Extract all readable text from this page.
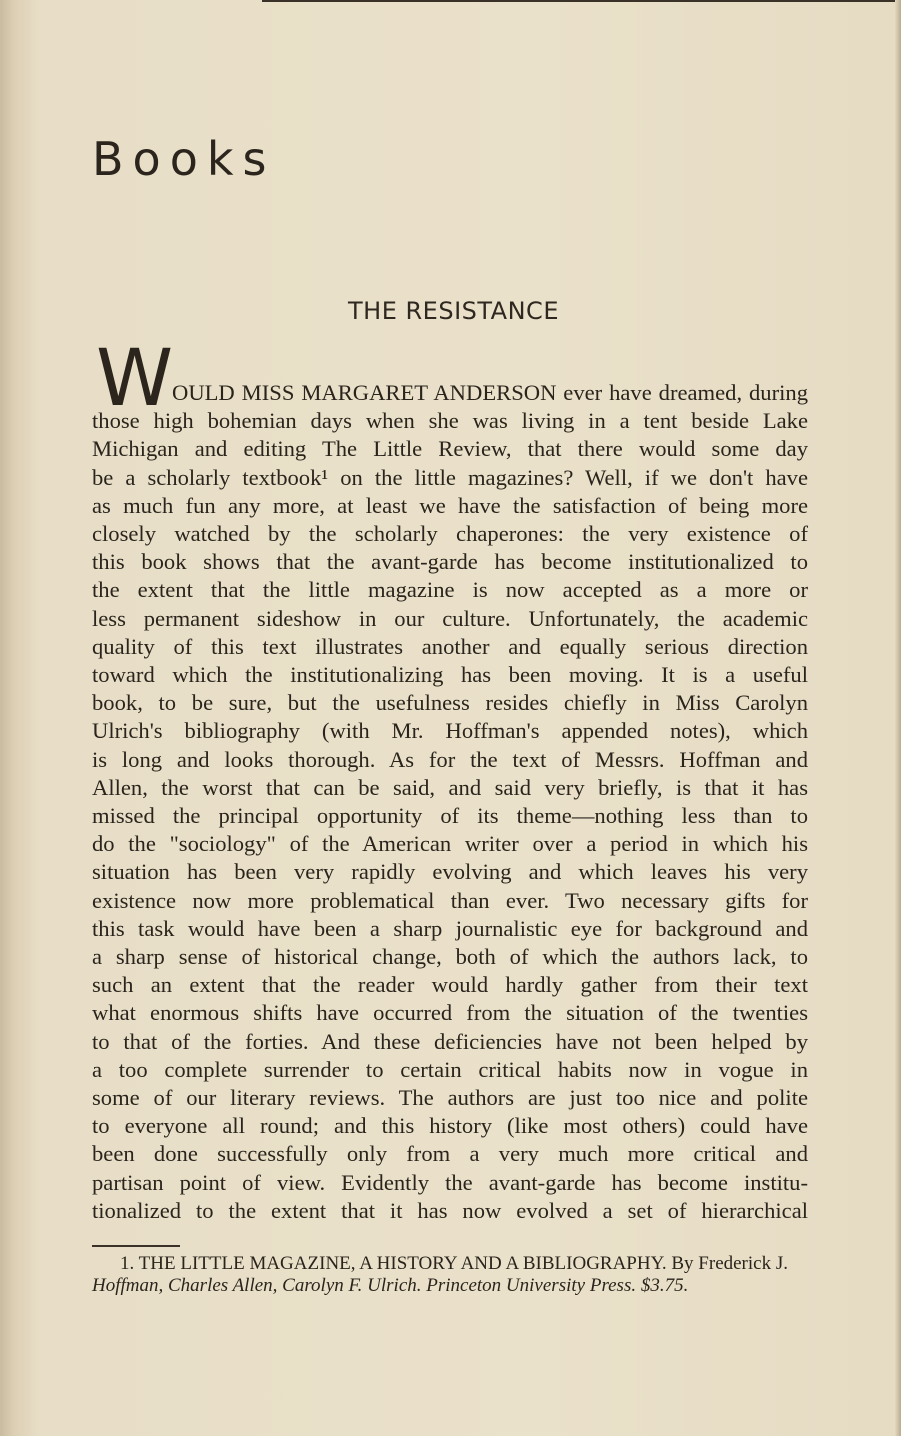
Books
THE RESISTANCE
W
OULD MISS MARGARET ANDERSON ever have dreamed, during
those high bohemian days when she was living in a tent beside Lake
Michigan and editing The Little Review, that there would some day
be a scholarly textbook¹ on the little magazines? Well, if we don't have
as much fun any more, at least we have the satisfaction of being more
closely watched by the scholarly chaperones: the very existence of
this book shows that the avant-garde has become institutionalized to
the extent that the little magazine is now accepted as a more or
less permanent sideshow in our culture. Unfortunately, the academic
quality of this text illustrates another and equally serious direction
toward which the institutionalizing has been moving. It is a useful
book, to be sure, but the usefulness resides chiefly in Miss Carolyn
Ulrich's bibliography (with Mr. Hoffman's appended notes), which
is long and looks thorough. As for the text of Messrs. Hoffman and
Allen, the worst that can be said, and said very briefly, is that it has
missed the principal opportunity of its theme—nothing less than to
do the "sociology" of the American writer over a period in which his
situation has been very rapidly evolving and which leaves his very
existence now more problematical than ever. Two necessary gifts for
this task would have been a sharp journalistic eye for background and
a sharp sense of historical change, both of which the authors lack, to
such an extent that the reader would hardly gather from their text
what enormous shifts have occurred from the situation of the twenties
to that of the forties. And these deficiencies have not been helped by
a too complete surrender to certain critical habits now in vogue in
some of our literary reviews. The authors are just too nice and polite
to everyone all round; and this history (like most others) could have
been done successfully only from a very much more critical and
partisan point of view. Evidently the avant-garde has become institu-
tionalized to the extent that it has now evolved a set of hierarchical
1. THE LITTLE MAGAZINE, A HISTORY AND A BIBLIOGRAPHY. By Frederick J.
Hoffman, Charles Allen, Carolyn F. Ulrich. Princeton University Press. $3.75.
